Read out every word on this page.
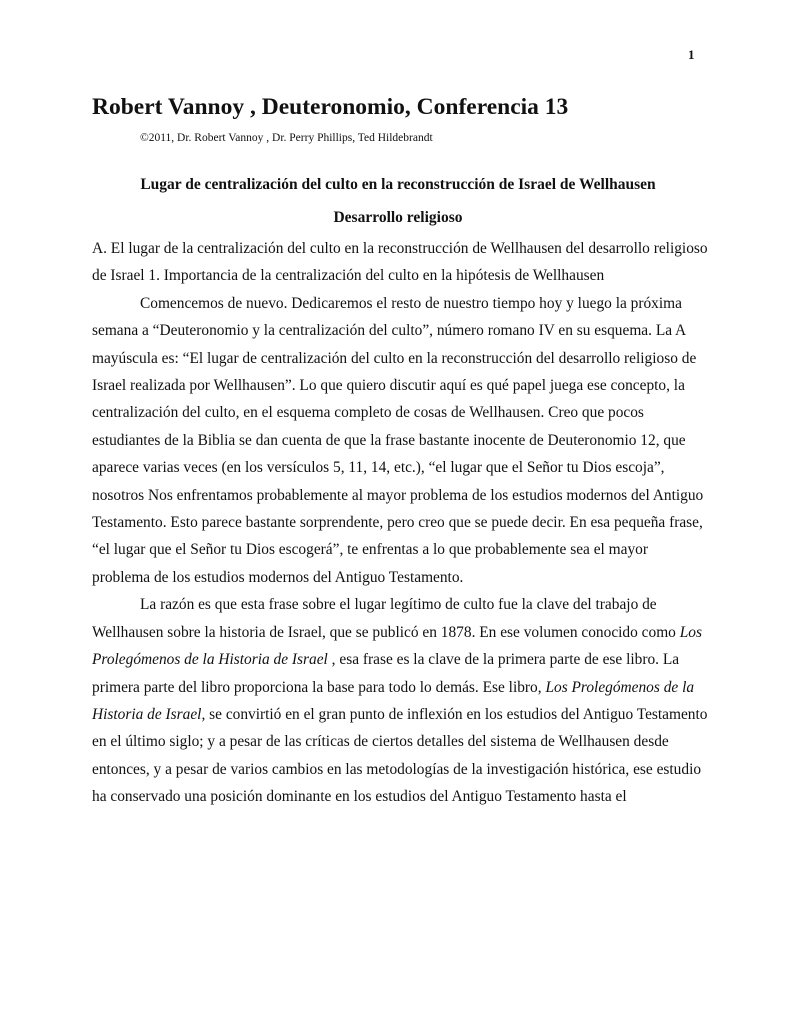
1
Robert Vannoy , Deuteronomio, Conferencia 13
©2011, Dr. Robert Vannoy , Dr. Perry Phillips, Ted Hildebrandt
Lugar de centralización del culto en la reconstrucción de Israel de Wellhausen
Desarrollo religioso

A. El lugar de la centralización del culto en la reconstrucción de Wellhausen del desarrollo religioso de Israel 1. Importancia de la centralización del culto en la hipótesis de Wellhausen

Comencemos de nuevo. Dedicaremos el resto de nuestro tiempo hoy y luego la próxima semana a “Deuteronomio y la centralización del culto”, número romano IV en su esquema. La A mayúscula es: “El lugar de centralización del culto en la reconstrucción del desarrollo religioso de Israel realizada por Wellhausen”. Lo que quiero discutir aquí es qué papel juega ese concepto, la centralización del culto, en el esquema completo de cosas de Wellhausen. Creo que pocos estudiantes de la Biblia se dan cuenta de que la frase bastante inocente de Deuteronomio 12, que aparece varias veces (en los versículos 5, 11, 14, etc.), “el lugar que el Señor tu Dios escoja”, nosotros Nos enfrentamos probablemente al mayor problema de los estudios modernos del Antiguo Testamento. Esto parece bastante sorprendente, pero creo que se puede decir. En esa pequeña frase, “el lugar que el Señor tu Dios escogerá”, te enfrentas a lo que probablemente sea el mayor problema de los estudios modernos del Antiguo Testamento.

La razón es que esta frase sobre el lugar legítimo de culto fue la clave del trabajo de Wellhausen sobre la historia de Israel, que se publicó en 1878. En ese volumen conocido como Los Prolegómenos de la Historia de Israel , esa frase es la clave de la primera parte de ese libro. La primera parte del libro proporciona la base para todo lo demás. Ese libro, Los Prolegómenos de la Historia de Israel, se convirtió en el gran punto de inflexión en los estudios del Antiguo Testamento en el último siglo; y a pesar de las críticas de ciertos detalles del sistema de Wellhausen desde entonces, y a pesar de varios cambios en las metodologías de la investigación histórica, ese estudio ha conservado una posición dominante en los estudios del Antiguo Testamento hasta el
